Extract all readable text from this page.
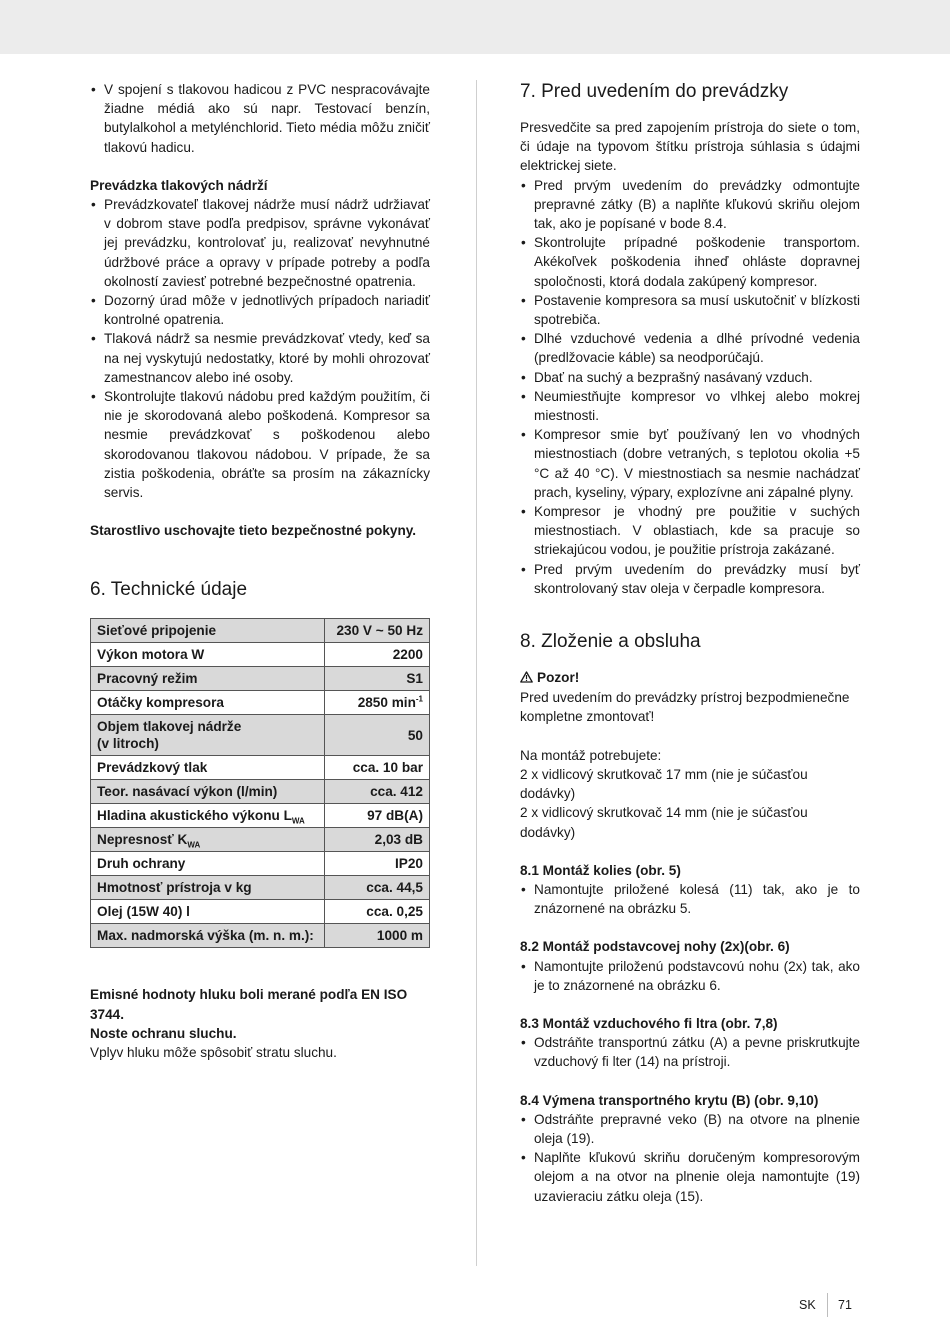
• V spojení s tlakovou hadicou z PVC nespracovávajte žiadne médiá ako sú napr. Testovací benzín, butylalkohol a metylénchlorid. Tieto média môžu zničiť tlakovú hadicu.

Prevádzka tlakových nádrží

• Prevádzkovateľ tlakovej nádrže musí nádrž udržiavať v dobrom stave podľa predpisov, správne vykonávať jej prevádzku, kontrolovať ju, realizovať nevyhnutné údržbové práce a opravy v prípade potreby a podľa okolností zaviesť potrebné bezpečnostné opatrenia.
• Dozorný úrad môže v jednotlivých prípadoch nariadiť kontrolné opatrenia.
• Tlaková nádrž sa nesmie prevádzkovať vtedy, keď sa na nej vyskytujú nedostatky, ktoré by mohli ohrozovať zamestnancov alebo iné osoby.
• Skontrolujte tlakovú nádobu pred každým použitím, či nie je skorodovaná alebo poškodená. Kompresor sa nesmie prevádzkovať s poškodenou alebo skorodovanou tlakovou nádobou. V prípade, že sa zistia poškodenia, obráťte sa prosím na zákaznícky servis.

Starostlivo uschovajte tieto bezpečnostné pokyny.

6. Technické údaje
Sieťové pripojenie	230 V ~ 50 Hz
Výkon motora W	2200
Pracovný režim	S1
Otáčky kompresora	2850 $\min^{-1}$
Objem tlakovej nádrže
(v litroch)	50
Prevádzkový tlak	cca. 10 bar
Teor. nasávací výkon (l/min)	cca. 412
Hladina akustického výkonu $L_{WA}$	97 dB(A)
Nepresnosť $K_{WA}$	2,03 dB
Druh ochrany	IP20
Hmotnosť prístroja v kg	cca. 44,5
Olej (15W 40) l	cca. 0,25
Max. nadmorská výška (m. n. m.):	1000 m

Emisné hodnoty hluku boli merané podľa EN ISO 3744.

Noste ochranu sluchu.

Vplyv hluku môže spôsobiť stratu sluchu.

7. Pred uvedením do prevádzky

Presvedčite sa pred zapojením prístroja do siete o tom, či údaje na typovom štítku prístroja súhlasia s údajmi elektrickej siete.

• Pred prvým uvedením do prevádzky odmontujte prepravné zátky (B) a naplňte kľukovú skriňu olejom tak, ako je popísané v bode 8.4.
• Skontrolujte prípadné poškodenie transportom. Akékoľvek poškodenia ihneď ohláste dopravnej spoločnosti, ktorá dodala zakúpený kompresor.
• Postavenie kompresora sa musí uskutočniť v blízkosti spotrebiča.
• Dlhé vzduchové vedenia a dlhé prívodné vedenia (predlžovacie káble) sa neodporúčajú.
• Dbať na suchý a bezprašný nasávaný vzduch.
• Neumiestňujte kompresor vo vlhkej alebo mokrej miestnosti.
• Kompresor smie byť používaný len vo vhodných miestnostiach (dobre vetraných, s teplotou okolia +5 °C až 40 °C). V miestnostiach sa nesmie nachádzať prach, kyseliny, výpary, explozívne ani zápalné plyny.
• Kompresor je vhodný pre použitie v suchých miestnostiach. V oblastiach, kde sa pracuje so striekajúcou vodou, je použitie prístroja zakázané.
• Pred prvým uvedením do prevádzky musí byť skontrolovaný stav oleja v čerpadle kompresora.
8. Zloženie a obsluha

Pozor!

Pred uvedením do prevádzky prístroj bezpodmienečne kompletne zmontovať!

Na montáž potrebujete:

2 x vidlicový skrutkovač 17 mm (nie je súčasťou dodávky)

2 x vidlicový skrutkovač 14 mm (nie je súčasťou dodávky)

8.1 Montáž kolies (obr. 5)

• Namontujte priložené kolesá (11) tak, ako je to znázornené na obrázku 5.

8.2 Montáž podstavcovej nohy (2x)(obr. 6)

• Namontujte priloženú podstavcovú nohu (2x) tak, ako je to znázornené na obrázku 6.

8.3 Montáž vzduchového fi ltra (obr. 7,8)

• Odstráňte transportnú zátku (A) a pevne priskrutkujte vzduchový fi lter (14) na prístroji.

8.4 Výmena transportného krytu (B) (obr. 9,10)

• Odstráňte prepravné veko (B) na otvore na plnenie oleja (19).
• Naplňte kľukovú skriňu doručeným kompresorovým olejom a na otvor na plnenie oleja namontujte (19) uzavieraciu zátku oleja (15).
SK 71
